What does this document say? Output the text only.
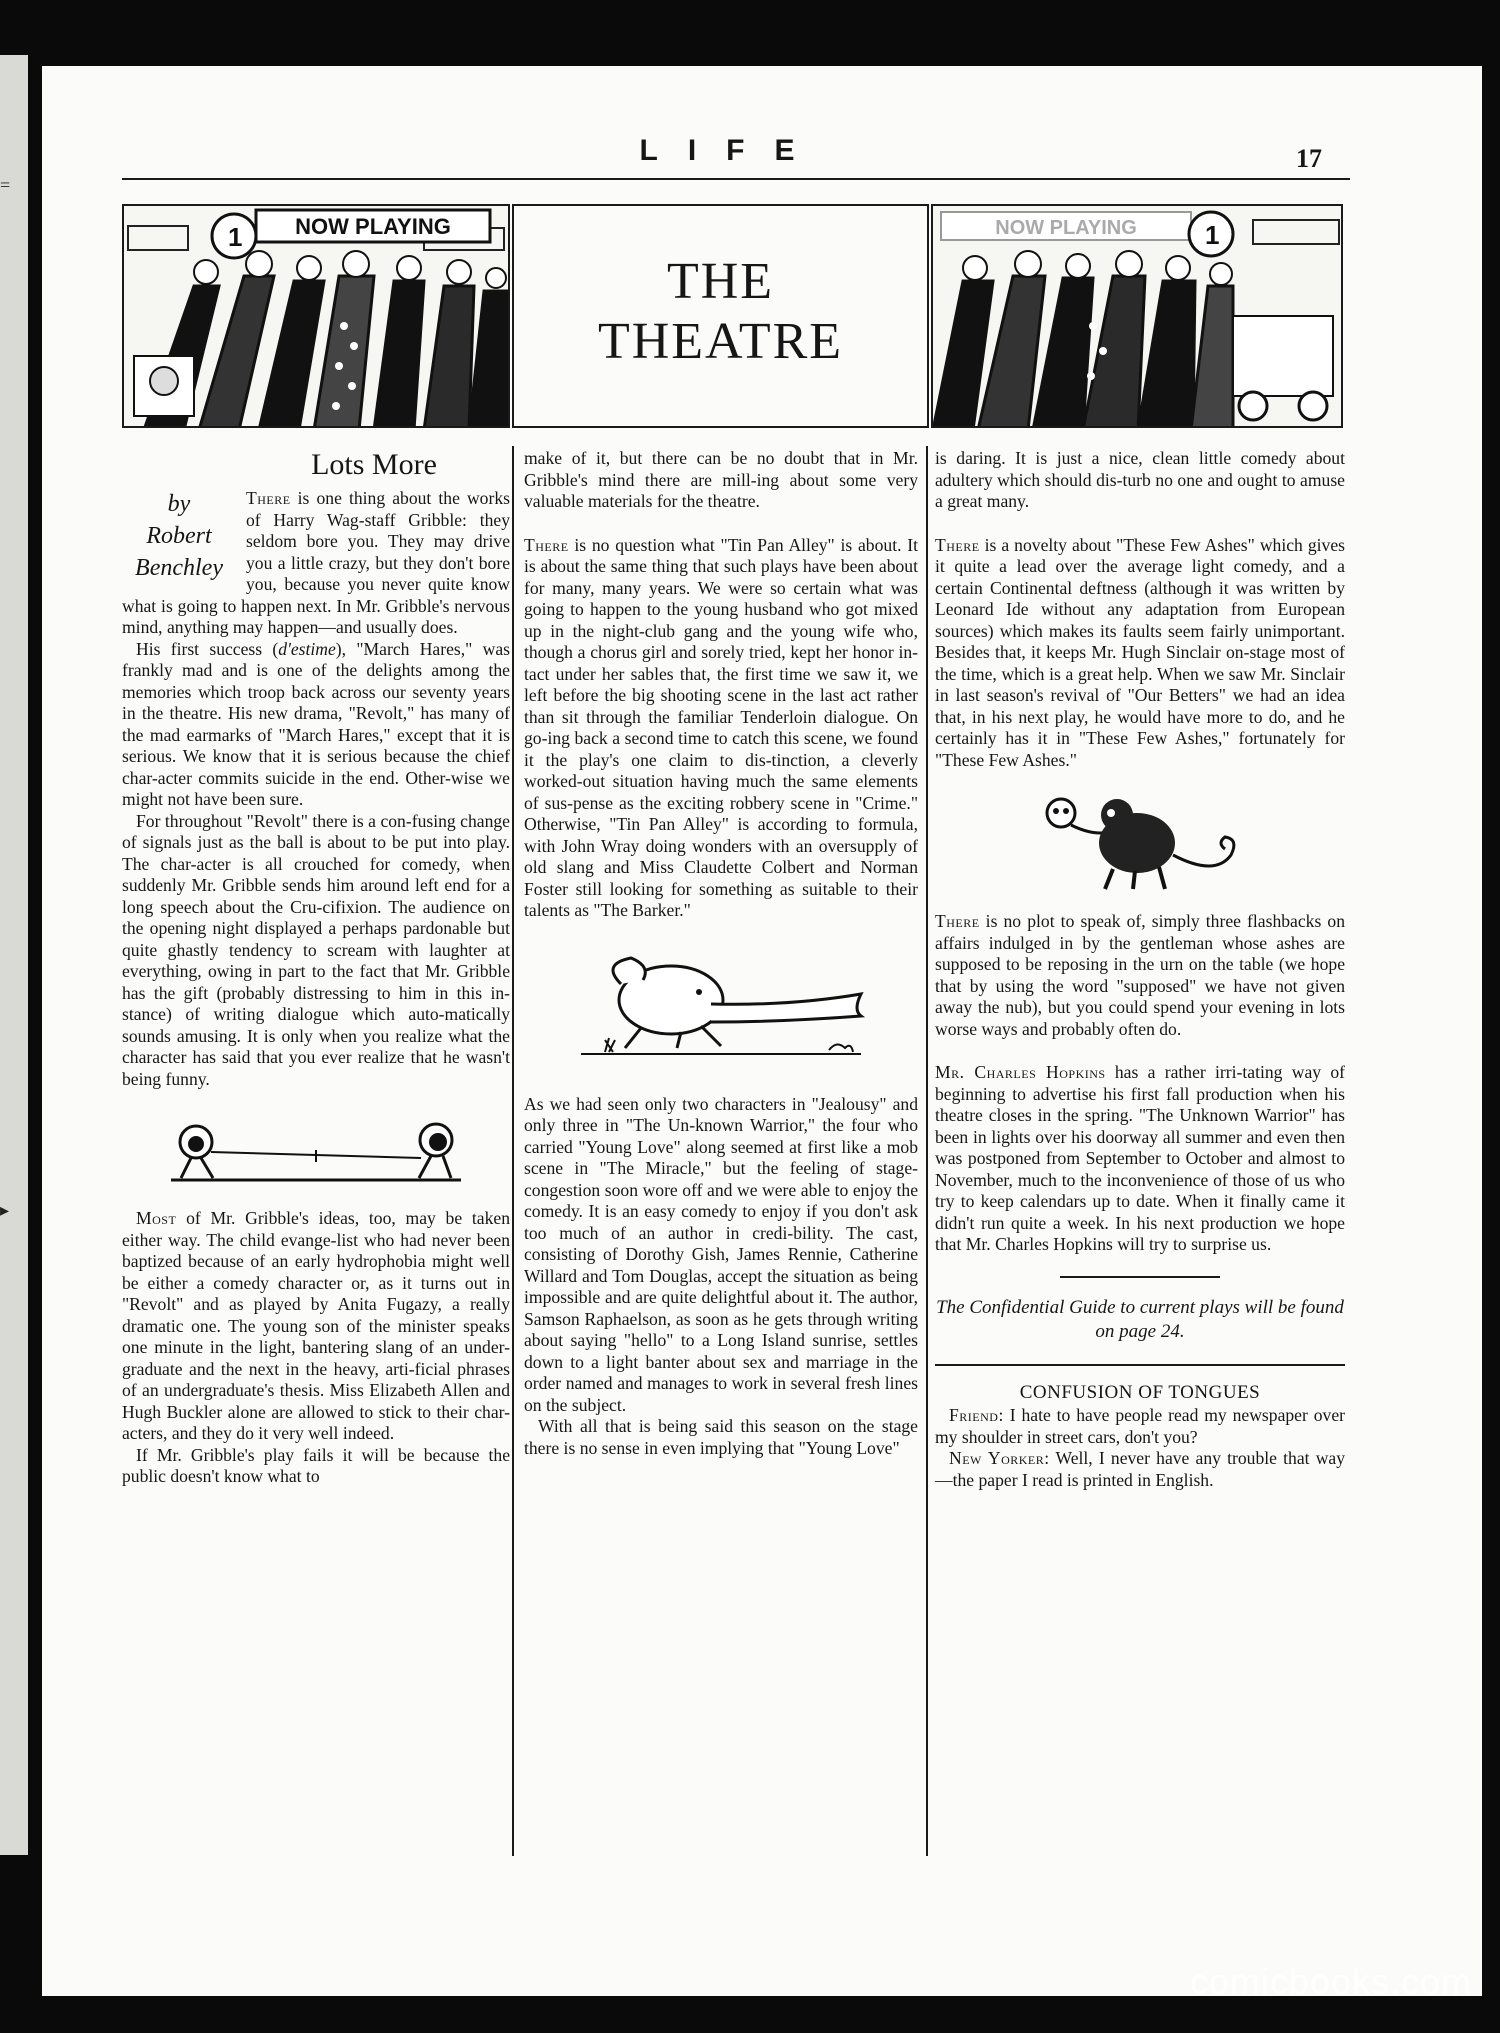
=
▸
LIFE	17
1 NOW PLAYING
THE
THEATRE
NOW PLAYING	1
Lots More
by
Robert
Benchley

There is one thing about the works of Harry Wag-staff Gribble: they seldom bore you. They may drive you a little crazy, but they don't bore you, because you never quite know what is going to happen next. In Mr. Gribble's nervous mind, anything may happen—and usually does.

His first success (d'estime), "March Hares," was frankly mad and is one of the delights among the memories which troop back across our seventy years in the theatre. His new drama, "Revolt," has many of the mad earmarks of "March Hares," except that it is serious. We know that it is serious because the chief char-acter commits suicide in the end. Other-wise we might not have been sure.

For throughout "Revolt" there is a con-fusing change of signals just as the ball is about to be put into play. The char-acter is all crouched for comedy, when suddenly Mr. Gribble sends him around left end for a long speech about the Cru-cifixion. The audience on the opening night displayed a perhaps pardonable but quite ghastly tendency to scream with laughter at everything, owing in part to the fact that Mr. Gribble has the gift (probably distressing to him in this in-stance) of writing dialogue which auto-matically sounds amusing. It is only when you realize what the character has said that you ever realize that he wasn't being funny.

Most of Mr. Gribble's ideas, too, may be taken either way. The child evange-list who had never been baptized because of an early hydrophobia might well be either a comedy character or, as it turns out in "Revolt" and as played by Anita Fugazy, a really dramatic one. The young son of the minister speaks one minute in the light, bantering slang of an under-graduate and the next in the heavy, arti-ficial phrases of an undergraduate's thesis. Miss Elizabeth Allen and Hugh Buckler alone are allowed to stick to their char-acters, and they do it very well indeed.

If Mr. Gribble's play fails it will be because the public doesn't know what to

make of it, but there can be no doubt that in Mr. Gribble's mind there are mill-ing about some very valuable materials for the theatre.

There is no question what "Tin Pan Alley" is about. It is about the same thing that such plays have been about for many, many years. We were so certain what was going to happen to the young husband who got mixed up in the night-club gang and the young wife who, though a chorus girl and sorely tried, kept her honor in-tact under her sables that, the first time we saw it, we left before the big shooting scene in the last act rather than sit through the familiar Tenderloin dialogue. On go-ing back a second time to catch this scene, we found it the play's one claim to dis-tinction, a cleverly worked-out situation having much the same elements of sus-pense as the exciting robbery scene in "Crime." Otherwise, "Tin Pan Alley" is according to formula, with John Wray doing wonders with an oversupply of old slang and Miss Claudette Colbert and Norman Foster still looking for something as suitable to their talents as "The Barker."

As we had seen only two characters in "Jealousy" and only three in "The Un-known Warrior," the four who carried "Young Love" along seemed at first like a mob scene in "The Miracle," but the feeling of stage-congestion soon wore off and we were able to enjoy the comedy. It is an easy comedy to enjoy if you don't ask too much of an author in credi-bility. The cast, consisting of Dorothy Gish, James Rennie, Catherine Willard and Tom Douglas, accept the situation as being impossible and are quite delightful about it. The author, Samson Raphaelson, as soon as he gets through writing about saying "hello" to a Long Island sunrise, settles down to a light banter about sex and marriage in the order named and manages to work in several fresh lines on the subject.

With all that is being said this season on the stage there is no sense in even implying that "Young Love"

is daring. It is just a nice, clean little comedy about adultery which should dis-turb no one and ought to amuse a great many.

There is a novelty about "These Few Ashes" which gives it quite a lead over the average light comedy, and a certain Continental deftness (although it was written by Leonard Ide without any adaptation from European sources) which makes its faults seem fairly unimportant. Besides that, it keeps Mr. Hugh Sinclair on-stage most of the time, which is a great help. When we saw Mr. Sinclair in last season's revival of "Our Betters" we had an idea that, in his next play, he would have more to do, and he certainly has it in "These Few Ashes," fortunately for "These Few Ashes."

There is no plot to speak of, simply three flashbacks on affairs indulged in by the gentleman whose ashes are supposed to be reposing in the urn on the table (we hope that by using the word "supposed" we have not given away the nub), but you could spend your evening in lots worse ways and probably often do.

Mr. Charles Hopkins has a rather irri-tating way of beginning to advertise his first fall production when his theatre closes in the spring. "The Unknown Warrior" has been in lights over his doorway all summer and even then was postponed from September to October and almost to November, much to the inconvenience of those of us who try to keep calendars up to date. When it finally came it didn't run quite a week. In his next production we hope that Mr. Charles Hopkins will try to surprise us.

The Confidential Guide to current plays will be found on page 24.
CONFUSION OF TONGUES

Friend: I hate to have people read my newspaper over my shoulder in street cars, don't you?

New Yorker: Well, I never have any trouble that way—the paper I read is printed in English.

comicbooks.com
